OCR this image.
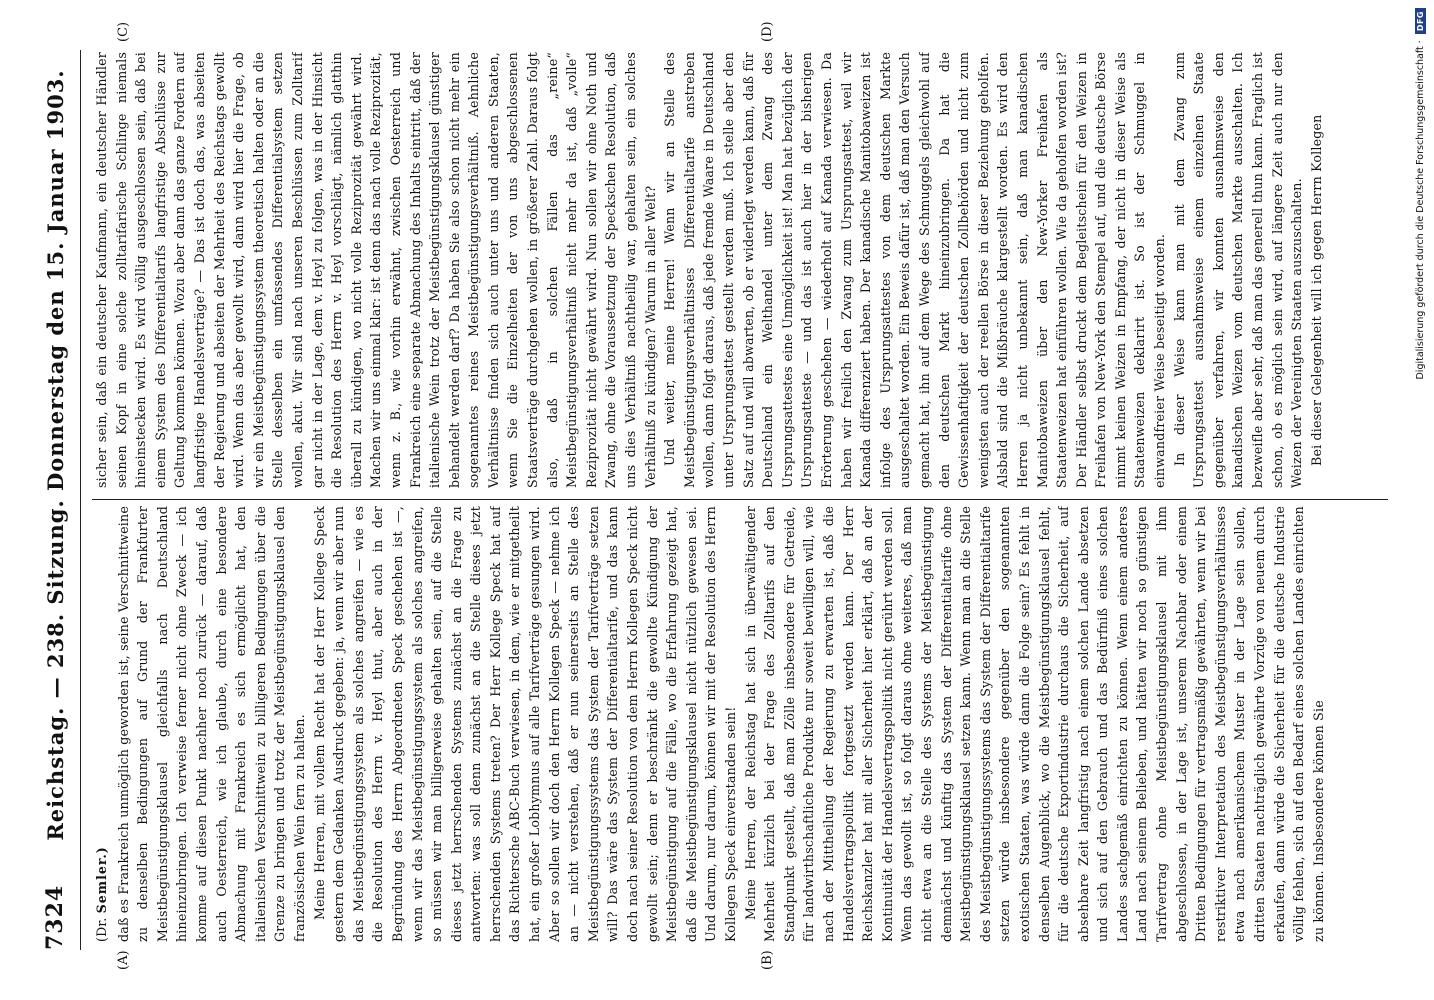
7324
Reichstag. — 238. Sitzung. Donnerstag den 15. Januar 1903.
(A)	(B)
(C)	(D)
(Dr. Semler.) daß es Frankreich unmöglich geworden ist, seine Verschnittweine zu denselben Bedingungen auf Grund der Frankfurter Meistbegünstigungsklausel gleichfalls nach Deutschland hineinzubringen. Ich verweise ferner nicht ohne Zweck — ich komme auf diesen Punkt nachher noch zurück — darauf, daß auch Oesterreich, wie ich glaube, durch eine besondere Abmachung mit Frankreich es sich ermöglicht hat, den italienischen Verschnittwein zu billigeren Bedingungen über die Grenze zu bringen und trotz der Meistbegünstigungsklausel den französischen Wein fern zu halten. Meine Herren, mit vollem Recht hat der Herr Kollege Speck gestern dem Gedanken Ausdruck gegeben: ja, wenn wir aber nun das Meistbegünstigungssystem als solches angreifen — wie es die Resolution des Herrn v. Heyl thut, aber auch in der Begründung des Herrn Abgeordneten Speck geschehen ist —, wenn wir das Meistbegünstigungssystem als solches angreifen, so müssen wir man billigerweise gehalten sein, auf die Stelle dieses jetzt herrschenden Systems zunächst an die Frage zu antworten: was soll denn zunächst an die Stelle dieses jetzt herrschenden Systems treten? Der Herr Kollege Speck hat auf das Richtersche ABC-Buch verwiesen, in dem, wie er mitgetheilt hat, ein großer Lobhymnus auf alle Tarifverträge gesungen wird. Aber so sollen wir doch den Herrn Kollegen Speck — nehme ich an — nicht verstehen, daß er nun seinerseits an Stelle des Meistbegünstigungssystems das System der Tarifverträge setzen will? Das wäre das System der Differentialtarife, und das kann doch nach seiner Resolution von dem Herrn Kollegen Speck nicht gewollt sein; denn er beschränkt die gewollte Kündigung der Meistbegünstigung auf die Fälle, wo die Erfahrung gezeigt hat, daß die Meistbegünstigungsklausel nicht nützlich gewesen sei. Und darum, nur darum, können wir mit der Resolution des Herrn Kollegen Speck einverstanden sein! Meine Herren, der Reichstag hat sich in überwältigender Mehrheit kürzlich bei der Frage des Zolltarifs auf den Standpunkt gestellt, daß man Zölle insbesondere für Getreide, für landwirthschaftliche Produkte nur soweit bewilligen will, wie nach der Mittheilung der Regierung zu erwarten ist, daß die Handelsvertragspolitik fortgesetzt werden kann. Der Herr Reichskanzler hat mit aller Sicherheit hier erklärt, daß an der Kontinuität der Handelsvertragspolitik nicht gerührt werden soll. Wenn das gewollt ist, so folgt daraus ohne weiteres, daß man nicht etwa an die Stelle des Systems der Meistbegünstigung demnächst und künftig das System der Differentialtarife ohne Meistbegünstigungsklausel setzen kann. Wenn man an die Stelle des Meistbegünstigungssystems das System der Differentialtarife setzen würde insbesondere gegenüber den sogenannten exotischen Staaten, was würde dann die Folge sein? Es fehlt in denselben Augenblick, wo die Meistbegünstigungsklausel fehlt, für die deutsche Exportindustrie durchaus die Sicherheit, auf absehbare Zeit langfristig nach einem solchen Lande absetzen und sich auf den Gebrauch und das Bedürfniß eines solchen Landes sachgemäß einrichten zu können. Wenn einem anderes Land nach seinem Belieben, und hätten wir noch so günstigen Tarifvertrag ohne Meistbegünstigungsklausel mit ihm abgeschlossen, in der Lage ist, unserem Nachbar oder einem Dritten Bedingungen für vertragsmäßig gewährten, wenn wir bei restriktiver Interpretation des Meistbegünstigungsverhältnisses etwa nach amerikanischem Muster in der Lage sein sollen, dritten Staaten nachträglich gewährte Vorzüge von neuem durch erkaufen, dann würde die Sicherheit für die deutsche Industrie völlig fehlen, sich auf den Bedarf eines solchen Landes einrichten zu können. Insbesondere können Sie

sicher sein, daß ein deutscher Kaufmann, ein deutscher Händler seinen Kopf in eine solche zolltarifarische Schlinge niemals hineinstecken wird. Es wird völlig ausgeschlossen sein, daß bei einem System des Differentialtarifs langfristige Abschlüsse zur Geltung kommen können. Wozu aber dann das ganze Fordern auf langfristige Handelsverträge? — Das ist doch das, was abseiten der Regierung und abseiten der Mehrheit des Reichstags gewollt wird. Wenn das aber gewollt wird, dann wird hier die Frage, ob wir ein Meistbegünstigungssystem theoretisch halten oder an die Stelle desselben ein umfassendes Differentialsystem setzen wollen, akut. Wir sind nach unseren Beschlüssen zum Zolltarif gar nicht in der Lage, dem v. Heyl zu folgen, was in der Hinsicht die Resolution des Herrn v. Heyl vorschlägt, nämlich glatthin überall zu kündigen, wo nicht volle Reziprozität gewährt wird. Machen wir uns einmal klar: ist denn das nach volle Reziprozität, wenn z. B., wie vorhin erwähnt, zwischen Oesterreich und Frankreich eine separate Abmachung des Inhalts eintritt, daß der italienische Wein trotz der Meistbegünstigungsklausel günstiger behandelt werden darf? Da haben Sie also schon nicht mehr ein sogenanntes reines Meistbegünstigungsverhältniß. Aehnliche Verhältnisse finden sich auch unter uns und anderen Staaten, wenn Sie die Einzelheiten der von uns abgeschlossenen Staatsverträge durchgehen wollen, in größerer Zahl. Daraus folgt also, daß in solchen Fällen das „reine“ Meistbegünstigungsverhältniß nicht mehr da ist, daß „volle“ Reziprozität nicht gewährt wird. Nun sollen wir ohne Noth und Zwang, ohne die Voraussetzung der Speckschen Resolution, daß uns dies Verhältniß nachtheilig war, gehalten sein, ein solches Verhältniß zu kündigen? Warum in aller Welt? Und weiter, meine Herren! Wenn wir an Stelle des Meistbegünstigungsverhältnisses Differentialtarife anstreben wollen, dann folgt daraus, daß jede fremde Waare in Deutschland unter Ursprungsattest gestellt werden muß. Ich stelle aber den Satz auf und will abwarten, ob er widerlegt werden kann, daß für Deutschland ein Welthandel unter dem Zwang des Ursprungsattestes eine Unmöglichkeit ist! Man hat bezüglich der Ursprungsatteste — und das ist auch hier in der bisherigen Erörterung geschehen — wiederholt auf Kanada verwiesen. Da haben wir freilich den Zwang zum Ursprungsattest, weil wir Kanada differenziert haben. Der kanadische Manitobaweizen ist infolge des Ursprungsattestes von dem deutschen Markte ausgeschaltet worden. Ein Beweis dafür ist, daß man den Versuch gemacht hat, ihn auf dem Wege des Schmuggels gleichwohl auf den deutschen Markt hineinzubringen. Da hat die Gewissenhaftigkeit der deutschen Zollbehörden und nicht zum wenigsten auch der reellen Börse in dieser Beziehung geholfen. Alsbald sind die Mißbräuche klargestellt worden. Es wird den Herren ja nicht unbekannt sein, daß man kanadischen Manitobaweizen über den New-Yorker Freihafen als Staatenweizen hat einführen wollen. Wie da geholfen worden ist? Der Händler selbst druckt dem Begleitschein für den Weizen in Freihafen von New-York den Stempel auf, und die deutsche Börse nimmt keinen Weizen in Empfang, der nicht in dieser Weise als Staatenweizen deklarirt ist. So ist der Schmuggel in einwandfreier Weise beseitigt worden. In dieser Weise kann man mit dem Zwang zum Ursprungsattest ausnahmsweise einem einzelnen Staate gegenüber verfahren, wir konnten ausnahmsweise den kanadischen Weizen vom deutschen Markte ausschalten. Ich bezweifle aber sehr, daß man das generell thun kann. Fraglich ist schon, ob es möglich sein wird, auf längere Zeit auch nur den Weizen der Vereinigten Staaten auszuschalten. Bei dieser Gelegenheit will ich gegen Herrn Kollegen	Digitalisierung gefördert durch die Deutsche Forschungsgemeinschaft ·
DFG
